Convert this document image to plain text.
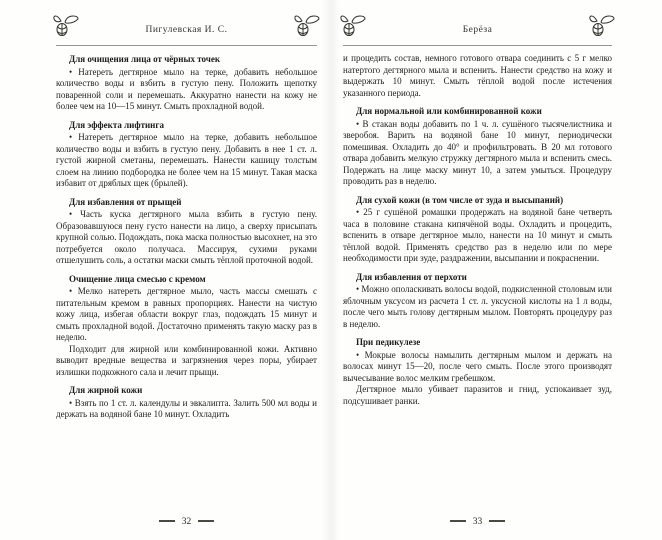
Пигулевская И. С.
Для очищения лица от чёрных точек

• Натереть дегтярное мыло на терке, добавить небольшое количество воды и взбить в густую пену. Положить щепотку поваренной соли и перемешать. Аккуратно нанести на кожу не более чем на 10—15 минут. Смыть прохладной водой.

Для эффекта лифтинга

• Натереть дегтярное мыло на терке, добавить небольшое количество воды и взбить в густую пену. Добавить в нее 1 ст. л. густой жирной сметаны, перемешать. Нанести кашицу толстым слоем на линию подбородка не более чем на 15 минут. Такая маска избавит от дряблых щек (брылей).

Для избавления от прыщей

• Часть куска дегтярного мыла взбить в густую пену. Образовавшуюся пену густо нанести на лицо, а сверху присыпать крупной солью. Подождать, пока маска полностью высохнет, на это потребуется около получаса. Массируя, сухими руками отшелушить соль, а остатки маски смыть тёплой проточной водой.

Очищение лица смесью с кремом

• Мелко натереть дегтярное мыло, часть массы смешать с питательным кремом в равных пропорциях. Нанести на чистую кожу лица, избегая области вокруг глаз, подождать 15 минут и смыть прохладной водой. Достаточно применять такую маску раз в неделю.

Подходит для жирной или комбинированной кожи. Активно выводит вредные вещества и загрязнения через поры, убирает излишки подкожного сала и лечит прыщи.

Для жирной кожи

• Взять по 1 ст. л. календулы и эвкалипта. Залить 500 мл воды и держать на водяной бане 10 минут. Охладить

32
Берёза

и процедить состав, немного готового отвара соединить с 5 г мелко натертого дегтярного мыла и вспенить. Нанести средство на кожу и выдержать 10 минут. Смыть тёплой водой после истечения указанного периода.

Для нормальной или комбинированной кожи

• В стакан воды добавить по 1 ч. л. сушёного тысячелистника и зверобоя. Варить на водяной бане 10 минут, периодически помешивая. Охладить до 40° и профильтровать. В 20 мл готового отвара добавить мелкую стружку дегтярного мыла и вспенить смесь. Подержать на лице маску минут 10, а затем умыться. Процедуру проводить раз в неделю.

Для сухой кожи (в том числе от зуда и высыпаний)

• 25 г сушёной ромашки продержать на водяной бане четверть часа в половине стакана кипячёной воды. Охладить и процедить, вспенить в отваре дегтярное мыло, нанести на 10 минут и смыть тёплой водой. Применять средство раз в неделю или по мере необходимости при зуде, раздражении, высыпании и покраснении.

Для избавления от перхоти

• Можно ополаскивать волосы водой, подкисленной столовым или яблочным уксусом из расчета 1 ст. л. уксусной кислоты на 1 л воды, после чего мыть голову дегтярным мылом. Повторять процедуру раз в неделю.

При педикулезе

• Мокрые волосы намылить дегтярным мылом и держать на волосах минут 15—20, после чего смыть. После этого производят вычесывание волос мелким гребешком.

Дегтярное мыло убивает паразитов и гнид, успокаивает зуд, подсушивает ранки.

33
